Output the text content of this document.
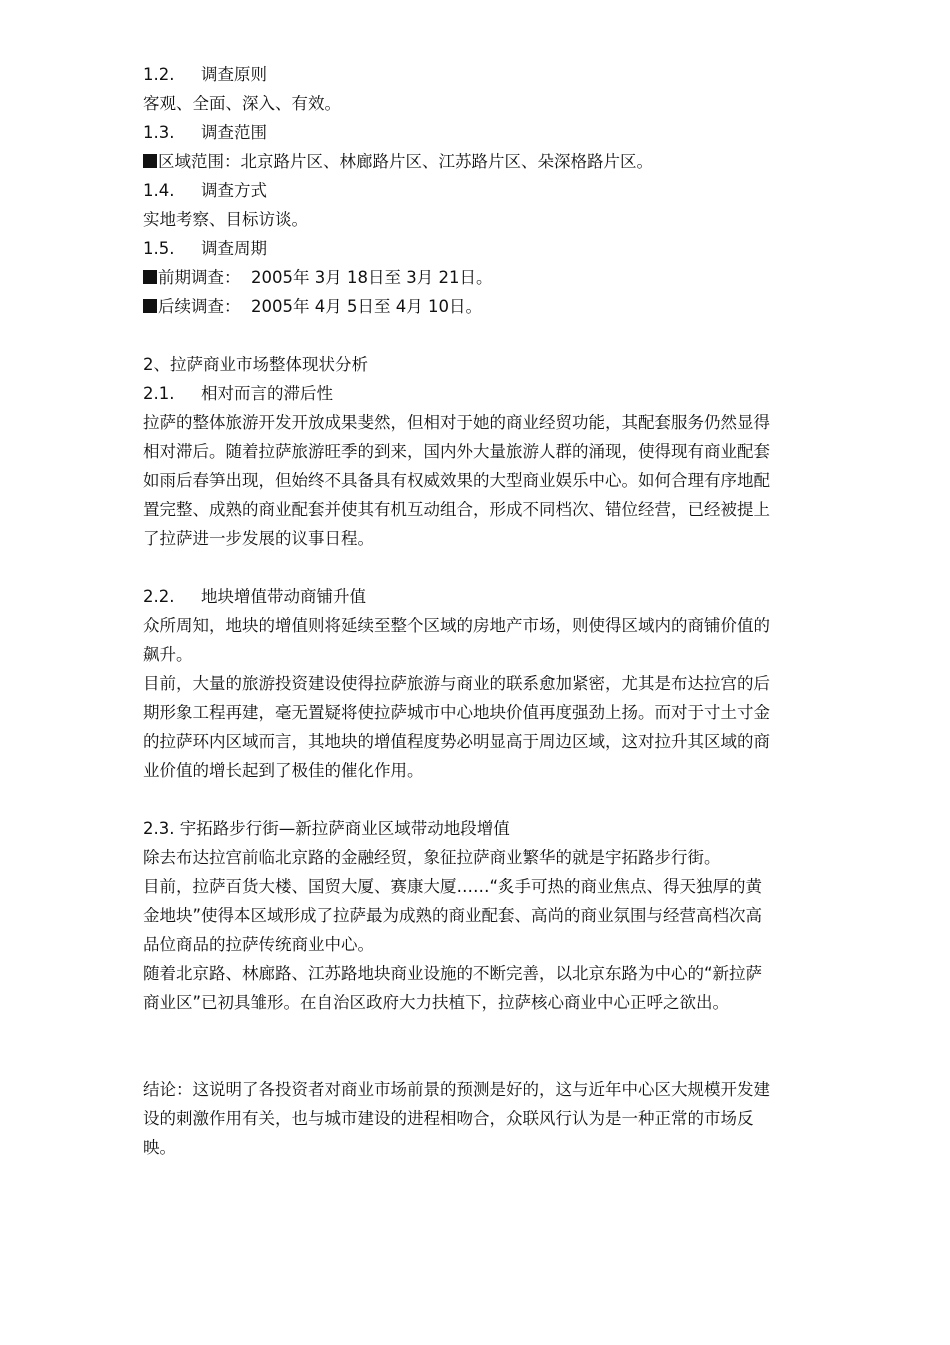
1.2. 调查原则
客观、全面、深入、有效。
1.3. 调查范围
区域范围：北京路片区、林廊路片区、江苏路片区、朵深格路片区。
1.4. 调查方式
实地考察、目标访谈。
1.5. 调查周期
前期调查：  2005年 3月 18日至 3月 21日。
后续调查：  2005年 4月 5日至 4月 10日。
2、拉萨商业市场整体现状分析
2.1. 相对而言的滞后性
拉萨的整体旅游开发开放成果斐然，但相对于她的商业经贸功能，其配套服务仍然显得
相对滞后。随着拉萨旅游旺季的到来，国内外大量旅游人群的涌现，使得现有商业配套
如雨后春笋出现，但始终不具备具有权威效果的大型商业娱乐中心。如何合理有序地配
置完整、成熟的商业配套并使其有机互动组合，形成不同档次、错位经营，已经被提上
了拉萨进一步发展的议事日程。
2.2. 地块增值带动商铺升值
众所周知，地块的增值则将延续至整个区域的房地产市场，则使得区域内的商铺价值的
飙升。
目前，大量的旅游投资建设使得拉萨旅游与商业的联系愈加紧密，尤其是布达拉宫的后
期形象工程再建，毫无置疑将使拉萨城市中心地块价值再度强劲上扬。而对于寸土寸金
的拉萨环内区域而言，其地块的增值程度势必明显高于周边区域，这对拉升其区域的商
业价值的增长起到了极佳的催化作用。
2.3. 宇拓路步行街—新拉萨商业区域带动地段增值
除去布达拉宫前临北京路的金融经贸，象征拉萨商业繁华的就是宇拓路步行街。
目前，拉萨百货大楼、国贸大厦、赛康大厦……“炙手可热的商业焦点、得天独厚的黄
金地块”使得本区域形成了拉萨最为成熟的商业配套、高尚的商业氛围与经营高档次高
品位商品的拉萨传统商业中心。
随着北京路、林廊路、江苏路地块商业设施的不断完善，以北京东路为中心的“新拉萨
商业区”已初具雏形。在自治区政府大力扶植下，拉萨核心商业中心正呼之欲出。
结论：这说明了各投资者对商业市场前景的预测是好的，这与近年中心区大规模开发建
设的刺激作用有关，也与城市建设的进程相吻合，众联风行认为是一种正常的市场反
映。
